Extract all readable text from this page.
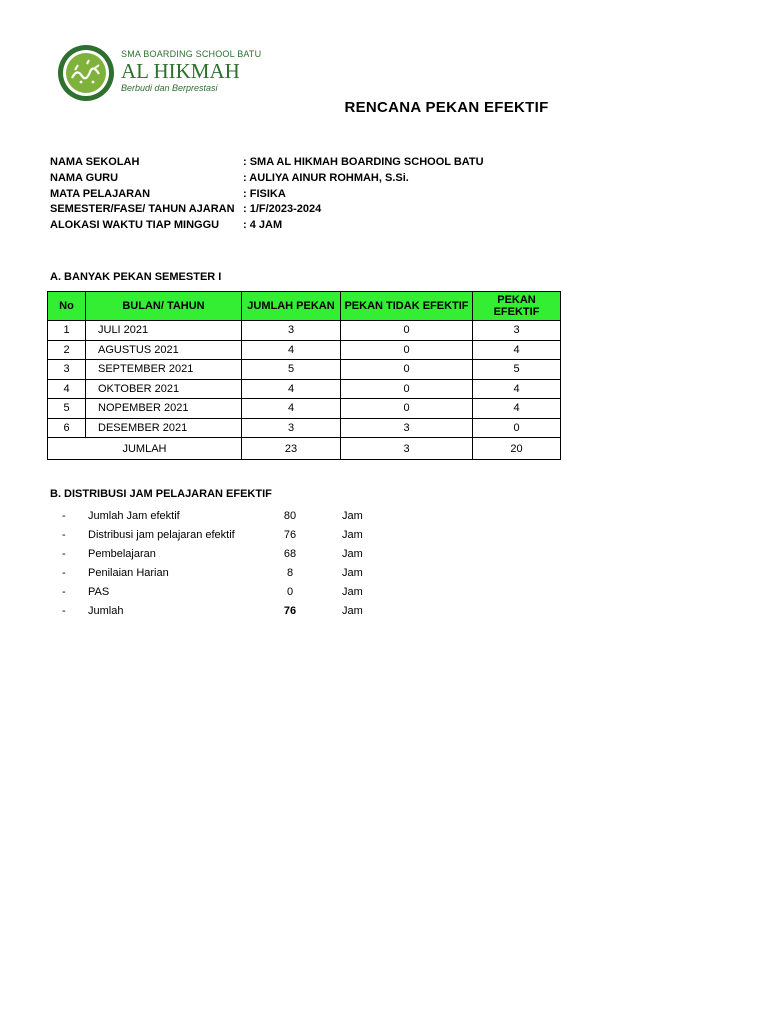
SMA BOARDING SCHOOL BATU
AL HIKMAH
Berbudi dan Berprestasi
RENCANA PEKAN EFEKTIF
NAMA SEKOLAH	: SMA AL HIKMAH BOARDING SCHOOL BATU
NAMA GURU	: AULIYA AINUR ROHMAH, S.Si.
MATA PELAJARAN	: FISIKA
SEMESTER/FASE/ TAHUN AJARAN : 1/F/2023-2024
ALOKASI WAKTU TIAP MINGGU : 4 JAM
A. BANYAK PEKAN SEMESTER I
No	BULAN/ TAHUN	JUMLAH PEKAN	PEKAN TIDAK EFEKTIF	PEKAN EFEKTIF
1	JULI 2021	3	0	3
2	AGUSTUS 2021	4	0	4
3	SEPTEMBER 2021	5	0	5
4	OKTOBER 2021	4	0	4
5	NOPEMBER 2021	4	0	4
6	DESEMBER 2021	3	3	0
JUMLAH		23	3	20
B. DISTRIBUSI JAM PELAJARAN EFEKTIF
- Jumlah Jam efektif	80	Jam
- Distribusi jam pelajaran efektif	76	Jam
- Pembelajaran	68	Jam
- Penilaian Harian	8	Jam
- PAS	0	Jam
- Jumlah	76	Jam
